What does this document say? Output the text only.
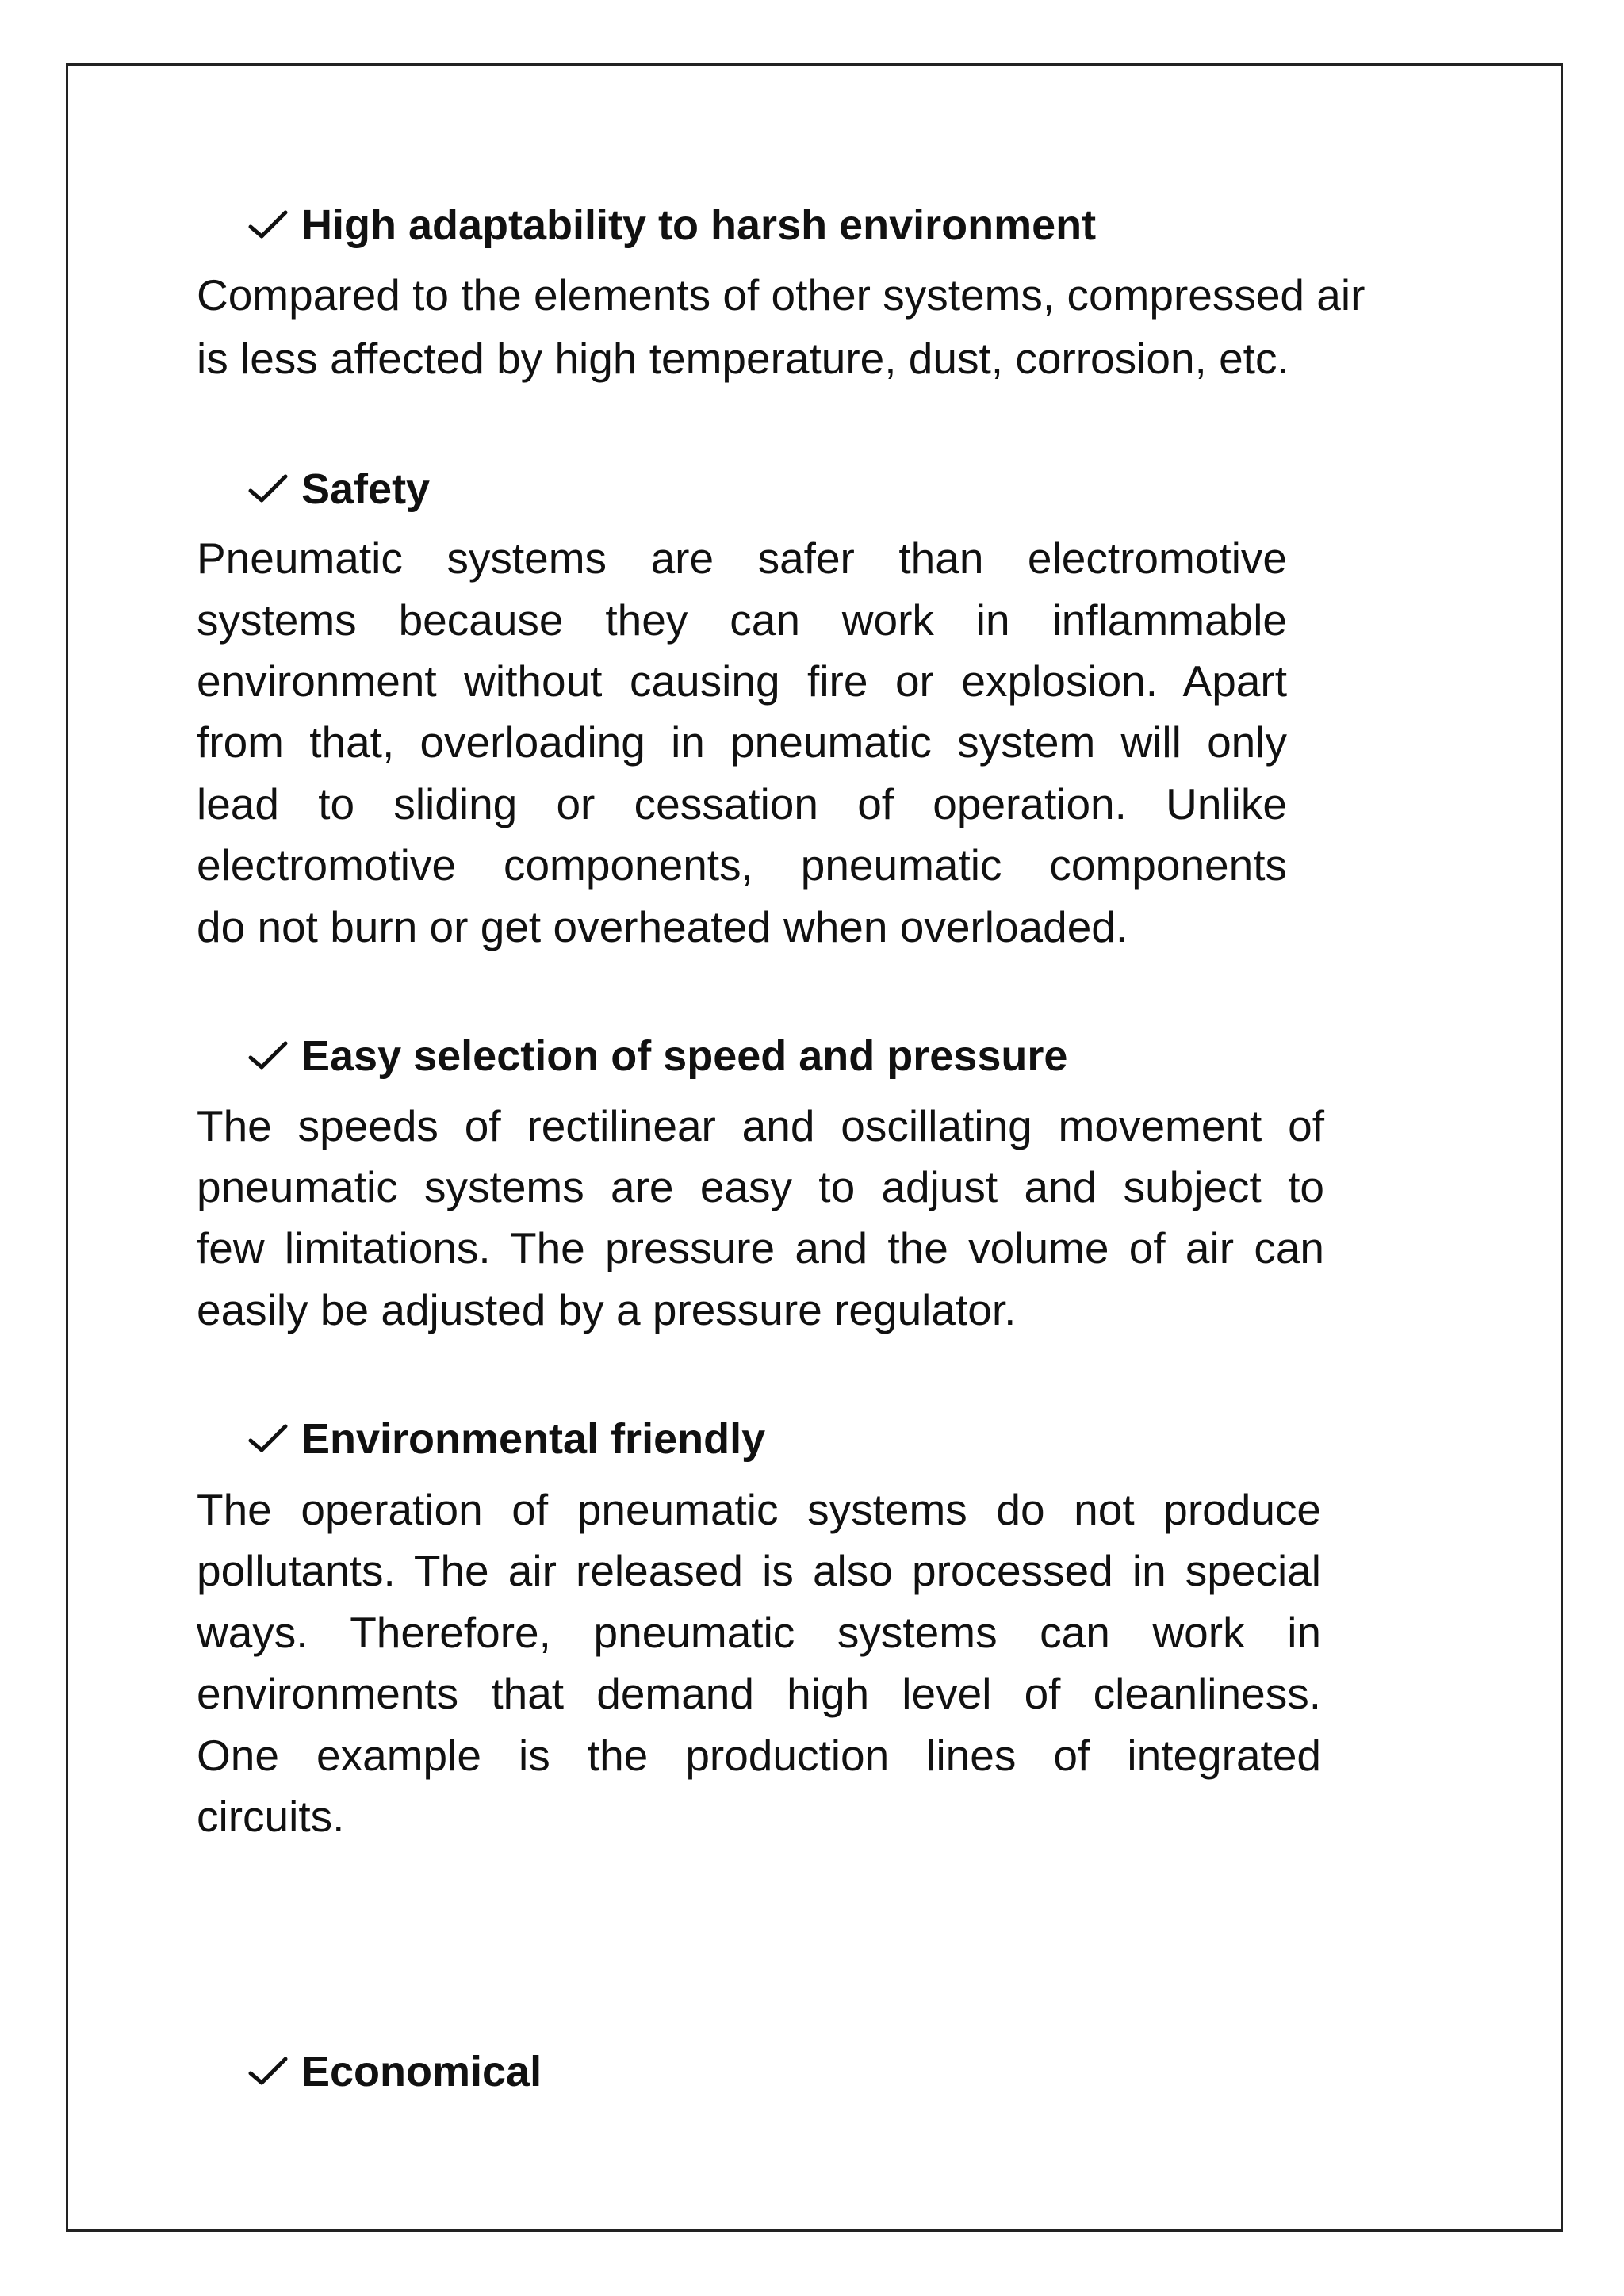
High adaptability to harsh environment
Compared to the elements of other systems, compressed air
is less affected by high temperature, dust, corrosion, etc.
Safety
Pneumatic systems are safer than electromotive
systems because they can work in inflammable
environment without causing fire or explosion. Apart
from that, overloading in pneumatic system will only
lead to sliding or cessation of operation. Unlike
electromotive components, pneumatic components
do not burn or get overheated when overloaded.
Easy selection of speed and pressure
The speeds of rectilinear and oscillating movement of
pneumatic systems are easy to adjust and subject to
few limitations. The pressure and the volume of air can
easily be adjusted by a pressure regulator.
Environmental friendly
The operation of pneumatic systems do not produce
pollutants. The air released is also processed in special
ways. Therefore, pneumatic systems can work in
environments that demand high level of cleanliness.
One example is the production lines of integrated
circuits.
Economical
